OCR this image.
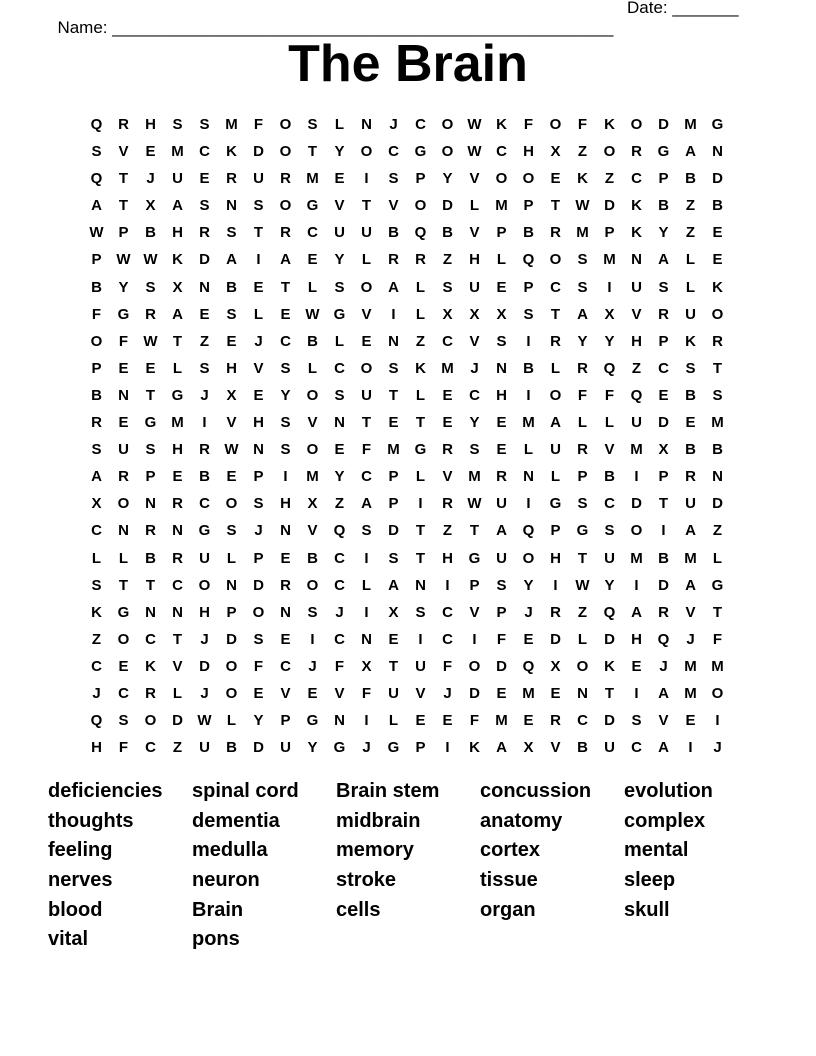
Name: _____________________________________________________

Date: _______

The Brain
Q	R	H	S	S	M	F	O	S	L	N	J	C	O W K	F	O	F	K	O	D	M G
S	V	E	M	C	K	D	O	T	Y	O	C	G	O W C	H	X	Z	O	R	G	A	N
Q	T	J	U	E	R	U	R	M	E	I	S	P	Y	V	O	O	E	K	Z	C	P	B	D
A	T	X	A	S	N	S	O	G	V	T	V	O	D	L	M	P	T	W D	K	B	Z	B
W P	B	H	R	S	T	R	C	U	U	B	Q	B	V	P	B	R	M	P	K	Y	Z	E
P W W K	D	A	I	A	E	Y	L	R	R	Z	H	L	Q	O	S	M	N	A	L	E
B	Y	S	X	N	B	E	T	L	S	O	A	L	S	U	E	P	C	S	I	U	S	L	K
F	G	R	A	E	S	L	E W G	V	I	L	X	X	X	S	T	A	X	V	R	U	O
O	F	W	T	Z	E	J	C	B	L	E	N	Z	C	V	S	I	R	Y	Y	H	P	K	R
P	E	E	L	S	H	V	S	L	C	O	S	K	M	J	N	B	L	R	Q	Z	C	S	T
B	N	T	G	J	X	E	Y	O	S	U	T	L	E	C	H	I	O	F	F	Q	E	B	S
R	E	G M	I	V	H	S	V	N	T	E	T	E	Y	E	M	A	L	L	U	D	E	M
S	U	S	H	R W N	S	O	E	F	M G	R	S	E	L	U	R	V	M	X	B	B
A	R	P	E	B	E	P	I	M	Y	C	P	L	V	M	R	N	L	P	B	I	P	R	N
X	O	N	R	C	O	S	H	X	Z	A	P	I	R W U	I	G	S	C	D	T	U	D
C	N	R	N	G	S	J	N	V	Q	S	D	T	Z	T	A	Q	P	G	S	O	I	A	Z
L	L	B	R	U	L	P	E	B	C	I	S	T	H	G	U	O	H	T	U	M	B	M	L
S	T	T	C	O	N	D	R	O	C	L	A	N	I	P	S	Y	I	W Y	I	D	A	G
K	G	N	N	H	P	O	N	S	J	I	X	S	C	V	P	J	R	Z	Q	A	R	V	T
Z	O	C	T	J	D	S	E	I	C	N	E	I	C	I	F	E	D	L	D	H	Q	J	F
C	E	K	V	D	O	F	C	J	F	X	T	U	F	O	D	Q	X	O	K	E	J	M M
J	C	R	L	J	O	E	V	E	V	F	U	V	J	D	E	M	E	N	T	I	A	M O
Q	S	O	D W	L	Y	P	G	N	I	L	E	E	F	M	E	R	C	D	S	V	E	I
H	F	C	Z	U	B	D	U	Y	G	J	G	P	I	K	A	X	V	B	U	C	A	I	J
deficiencies	spinal cord	Brain stem	concussion	evolution
thoughts	dementia	midbrain	anatomy	complex
feeling	medulla	memory	cortex	mental
nerves	neuron	stroke	tissue	sleep
blood	Brain	cells	organ	skull
vital	pons
